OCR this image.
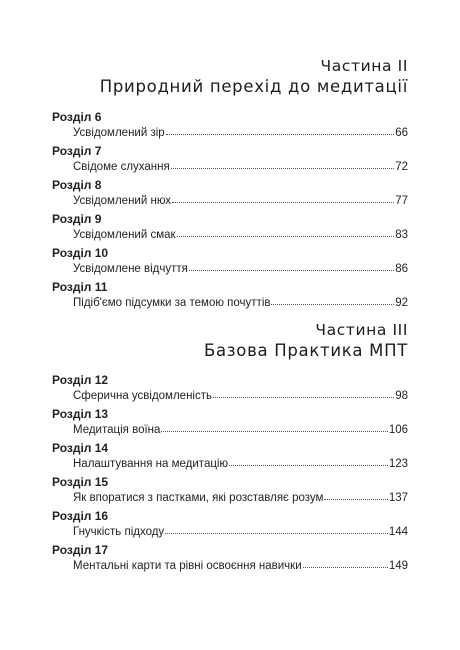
Частина ІІ
Природний перехід до медитації
Розділ 6
Усвідомлений зір	66
Розділ 7
Свідоме слухання	72
Розділ 8
Усвідомлений нюх	77
Розділ 9
Усвідомлений смак	83
Розділ 10
Усвідомлене відчуття	86
Розділ 11
Підіб'ємо підсумки за темою почуттів	92
Частина ІІІ
Базова Практика МПТ
Розділ 12
Сферична усвідомленість	98
Розділ 13
Медитація воїна	106
Розділ 14
Налаштування на медитацію	123
Розділ 15
Як впоратися з пастками, які розставляє розум	137
Розділ 16
Гнучкість підходу	144
Розділ 17
Ментальні карти та рівні освоєння навички	149
